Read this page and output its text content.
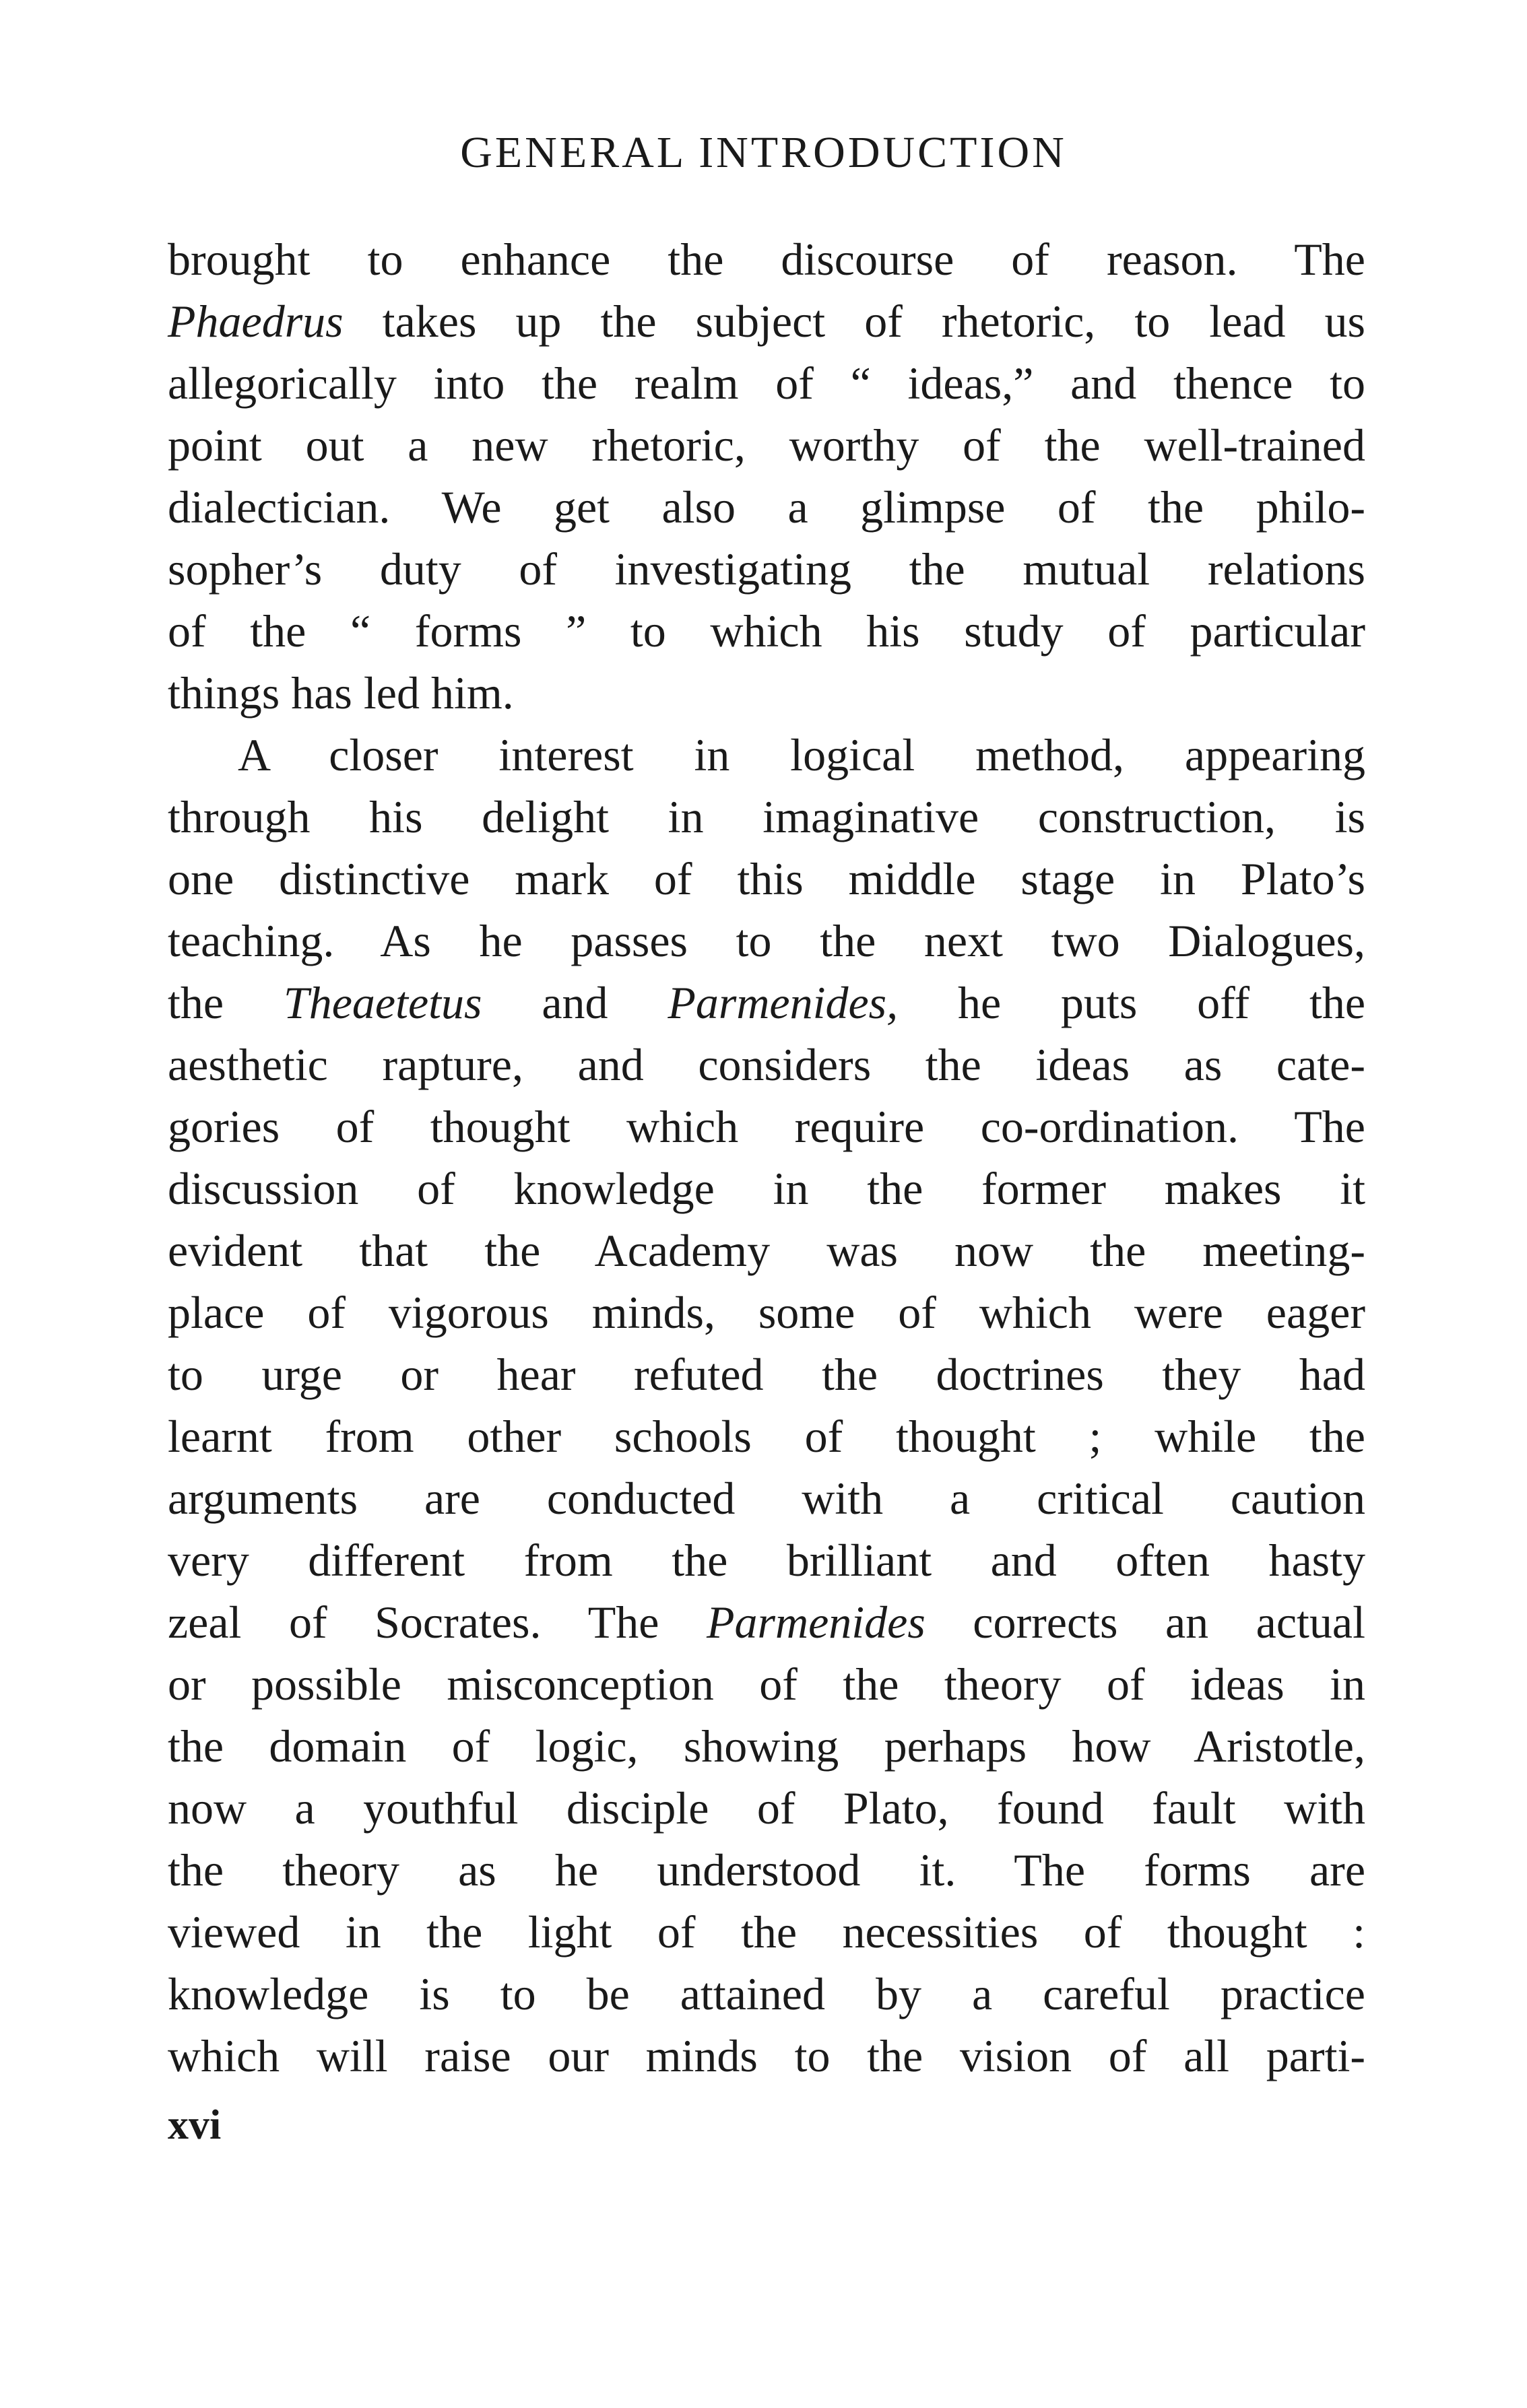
GENERAL INTRODUCTION
brought to enhance the discourse of reason. The
Phaedrus takes up the subject of rhetoric, to lead us
allegorically into the realm of “ ideas,” and thence to
point out a new rhetoric, worthy of the well-trained
dialectician. We get also a glimpse of the philo-
sopher’s duty of investigating the mutual relations
of the “ forms ” to which his study of particular
things has led him.
A closer interest in logical method, appearing
through his delight in imaginative construction, is
one distinctive mark of this middle stage in Plato’s
teaching. As he passes to the next two Dialogues,
the Theaetetus and Parmenides, he puts off the
aesthetic rapture, and considers the ideas as cate-
gories of thought which require co-ordination. The
discussion of knowledge in the former makes it
evident that the Academy was now the meeting-
place of vigorous minds, some of which were eager
to urge or hear refuted the doctrines they had
learnt from other schools of thought ; while the
arguments are conducted with a critical caution
very different from the brilliant and often hasty
zeal of Socrates. The Parmenides corrects an actual
or possible misconception of the theory of ideas in
the domain of logic, showing perhaps how Aristotle,
now a youthful disciple of Plato, found fault with
the theory as he understood it. The forms are
viewed in the light of the necessities of thought :
knowledge is to be attained by a careful practice
which will raise our minds to the vision of all parti-
xvi
